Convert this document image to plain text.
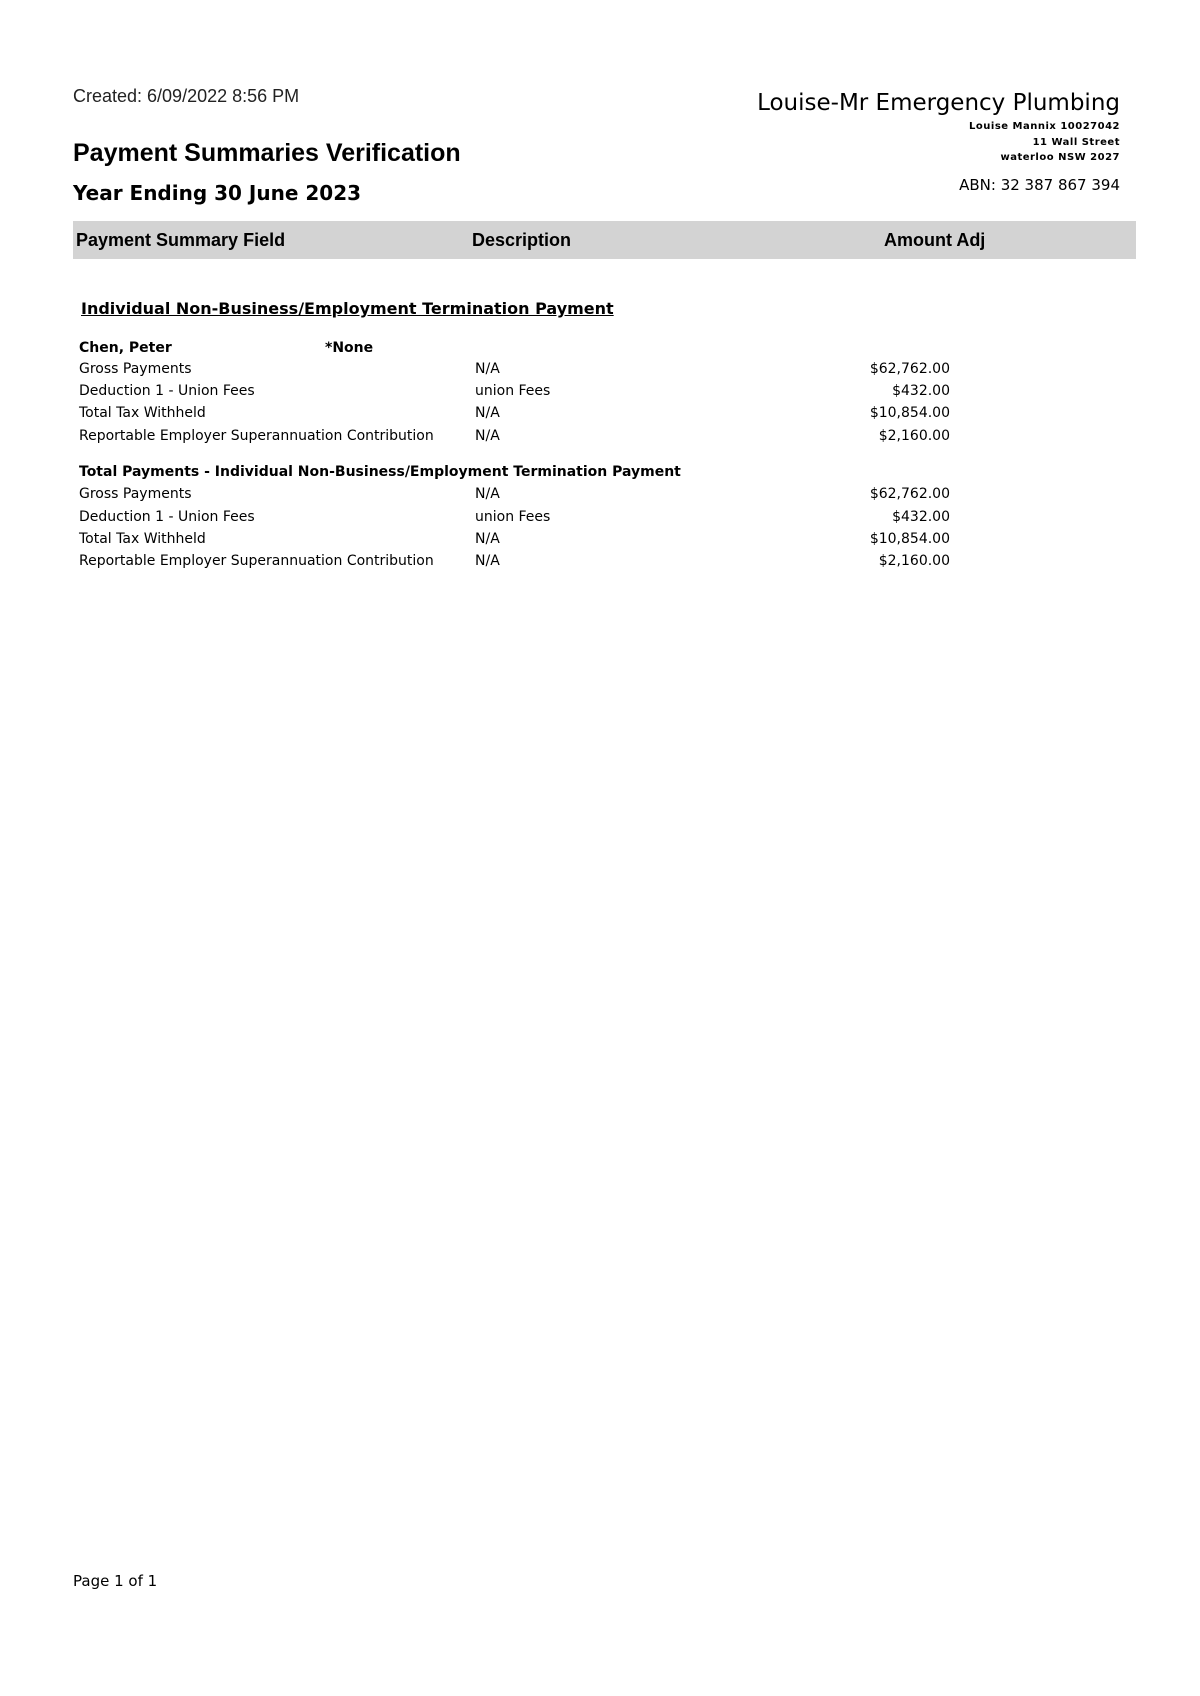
Created: 6/09/2022 8:56 PM
Payment Summaries Verification
Year Ending 30 June 2023
Louise-Mr Emergency Plumbing
Louise Mannix 10027042
11 Wall Street
waterloo NSW 2027
ABN: 32 387 867 394
Payment Summary Field	Description	Amount Adj
Individual Non-Business/Employment Termination Payment
Chen, Peter	*None
Gross Payments	N/A	$62,762.00
Deduction 1 - Union Fees	union Fees	$432.00
Total Tax Withheld	N/A	$10,854.00
Reportable Employer Superannuation Contribution	N/A	$2,160.00
Total Payments - Individual Non-Business/Employment Termination Payment
Gross Payments	N/A	$62,762.00
Deduction 1 - Union Fees	union Fees	$432.00
Total Tax Withheld	N/A	$10,854.00
Reportable Employer Superannuation Contribution	N/A	$2,160.00
Page 1 of 1
